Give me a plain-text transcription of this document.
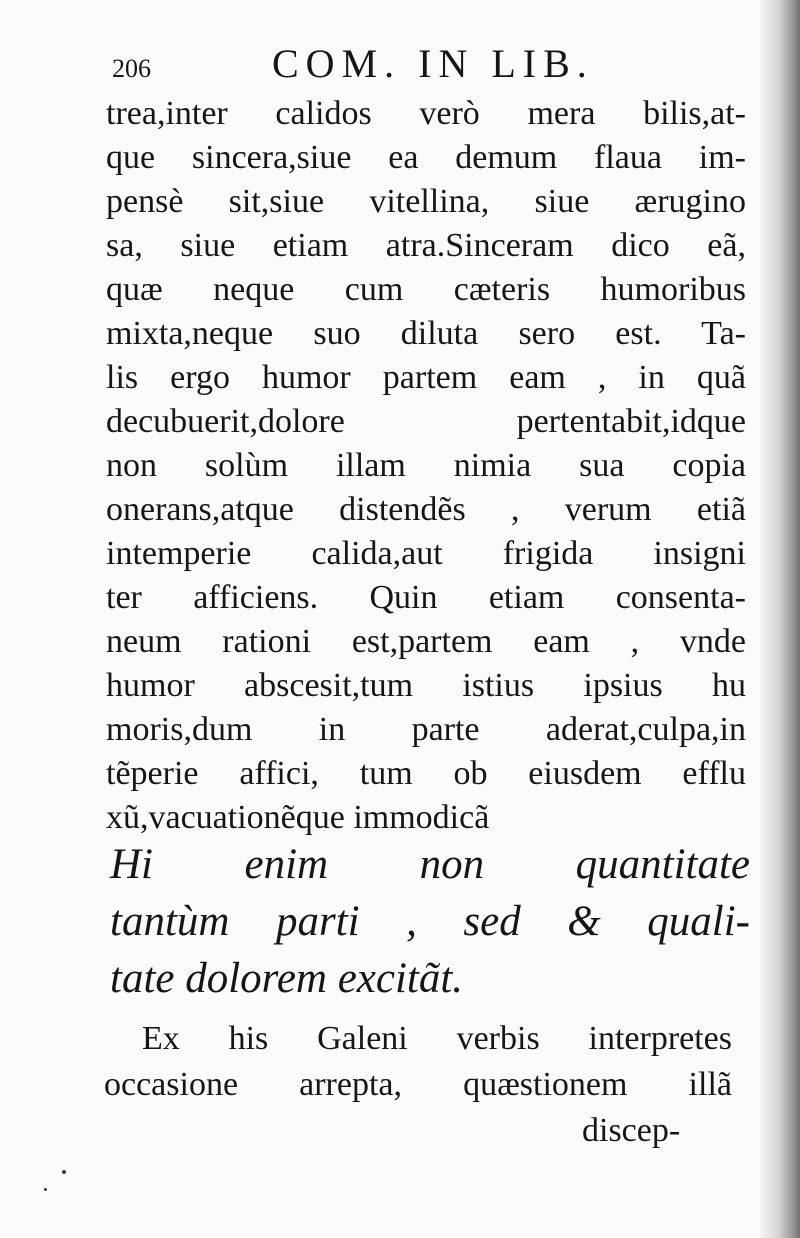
206	COM. IN LIB.
trea,inter calidos verò mera bilis,at-
que sincera,siue ea demum flaua im-
pensè sit,siue vitellina, siue ærugino
sa, siue etiam atra.Sinceram dico eã,
quæ neque cum cæteris humoribus
mixta,neque suo diluta sero est. Ta-
lis ergo humor partem eam , in quã
decubuerit,dolore pertentabit,idque
non solùm illam nimia sua copia
onerans,atque distendẽs , verum etiã
intemperie calida,aut frigida insigni
ter afficiens. Quin etiam consenta-
neum rationi est,partem eam , vnde
humor abscesit,tum istius ipsius hu
moris,dum in parte aderat,culpa,in
tẽperie affici, tum ob eiusdem efflu
xũ,vacuationẽque immodicã
Hi enim non quantitate
tantùm parti , sed & quali-
tate dolorem excitãt.
Ex his Galeni verbis interpretes
occasione arrepta, quæstionem illã
discep-
